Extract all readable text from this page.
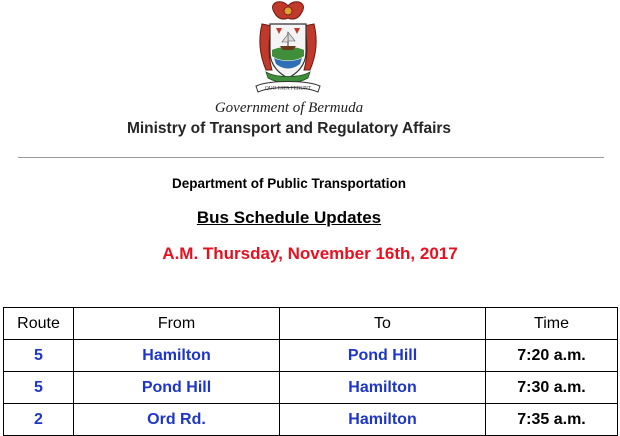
QUO FATA FERUNT
Government of Bermuda
Ministry of Transport and Regulatory Affairs
Department of Public Transportation
Bus Schedule Updates
A.M. Thursday, November 16th, 2017
Route	From	To	Time
5	Hamilton	Pond Hill	7:20 a.m.
5	Pond Hill	Hamilton	7:30 a.m.
2	Ord Rd.	Hamilton	7:35 a.m.
